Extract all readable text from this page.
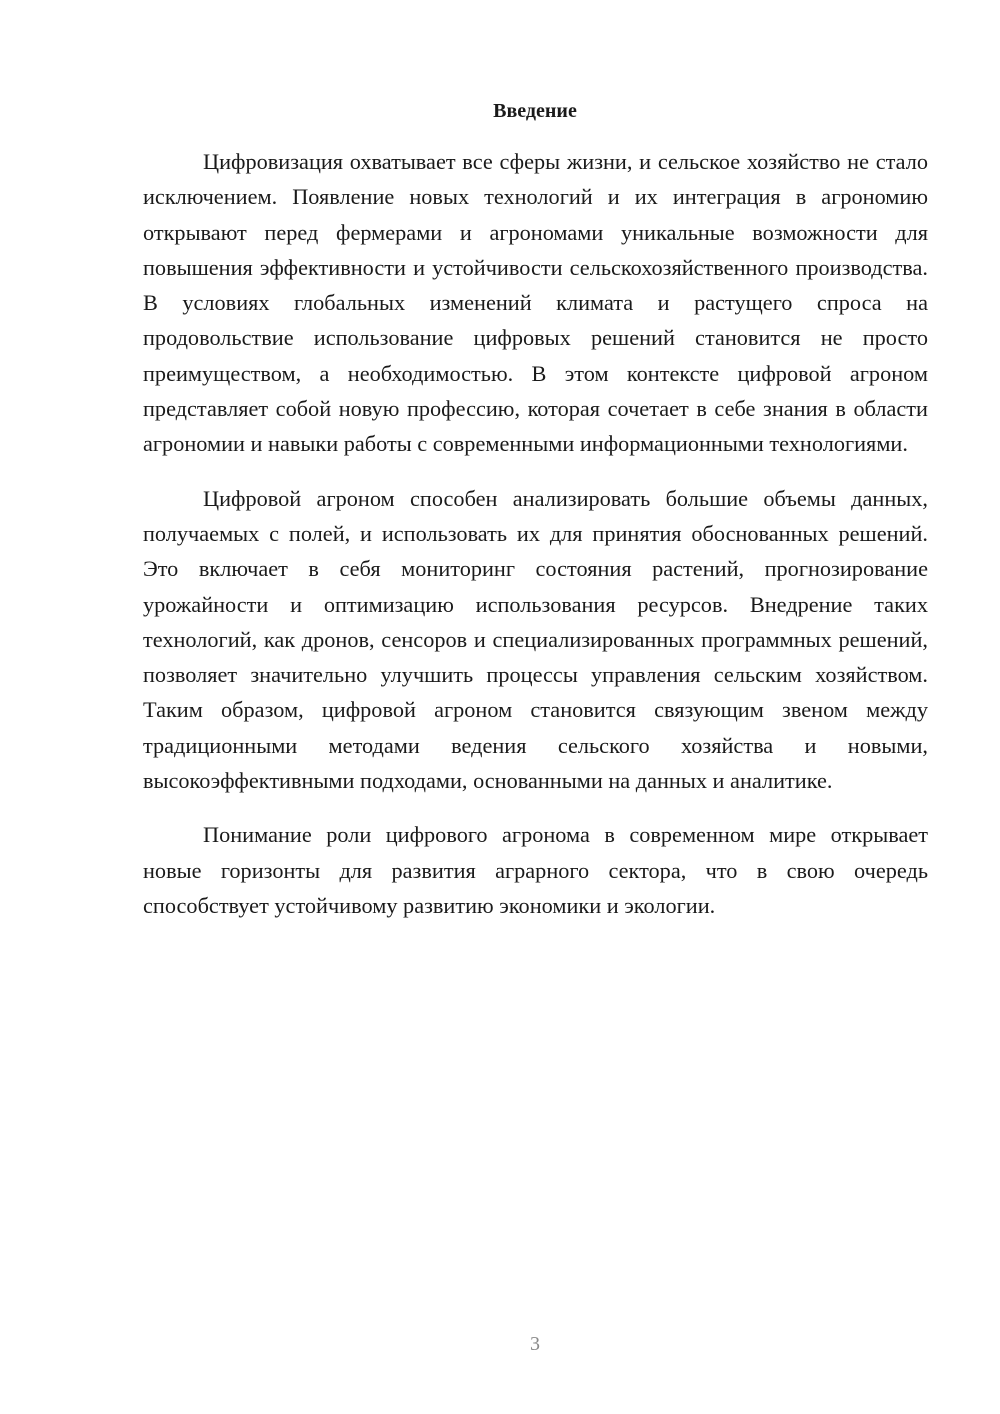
Введение

Цифровизация охватывает все сферы жизни, и сельское хозяйство не стало исключением. Появление новых технологий и их интеграция в агрономию открывают перед фермерами и агрономами уникальные возможности для повышения эффективности и устойчивости сельскохозяйственного производства. В условиях глобальных изменений климата и растущего спроса на продовольствие использование цифровых решений становится не просто преимуществом, а необходимостью. В этом контексте цифровой агроном представляет собой новую профессию, которая сочетает в себе знания в области агрономии и навыки работы с современными информационными технологиями.

Цифровой агроном способен анализировать большие объемы данных, получаемых с полей, и использовать их для принятия обоснованных решений. Это включает в себя мониторинг состояния растений, прогнозирование урожайности и оптимизацию использования ресурсов. Внедрение таких технологий, как дронов, сенсоров и специализированных программных решений, позволяет значительно улучшить процессы управления сельским хозяйством. Таким образом, цифровой агроном становится связующим звеном между традиционными методами ведения сельского хозяйства и новыми, высокоэффективными подходами, основанными на данных и аналитике.

Понимание роли цифрового агронома в современном мире открывает новые горизонты для развития аграрного сектора, что в свою очередь способствует устойчивому развитию экономики и экологии.

3
